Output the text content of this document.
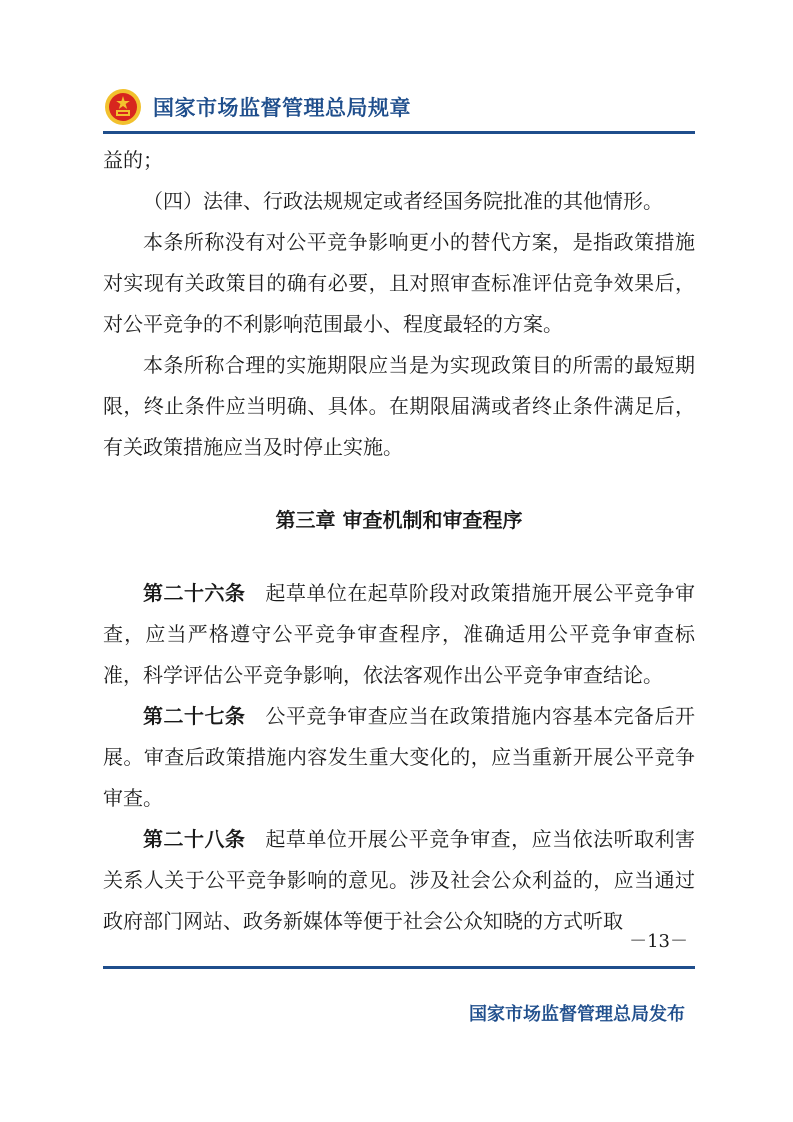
国家市场监督管理总局规章

益的；

（四）法律、行政法规规定或者经国务院批准的其他情形。

本条所称没有对公平竞争影响更小的替代方案，是指政策措施对实现有关政策目的确有必要，且对照审查标准评估竞争效果后，对公平竞争的不利影响范围最小、程度最轻的方案。

本条所称合理的实施期限应当是为实现政策目的所需的最短期限，终止条件应当明确、具体。在期限届满或者终止条件满足后，有关政策措施应当及时停止实施。

第三章 审查机制和审查程序

第二十六条 起草单位在起草阶段对政策措施开展公平竞争审查，应当严格遵守公平竞争审查程序，准确适用公平竞争审查标准，科学评估公平竞争影响，依法客观作出公平竞争审查结论。

第二十七条 公平竞争审查应当在政策措施内容基本完备后开展。审查后政策措施内容发生重大变化的，应当重新开展公平竞争审查。

第二十八条 起草单位开展公平竞争审查，应当依法听取利害关系人关于公平竞争影响的意见。涉及社会公众利益的，应当通过政府部门网站、政务新媒体等便于社会公众知晓的方式听取

－13－
国家市场监督管理总局发布
